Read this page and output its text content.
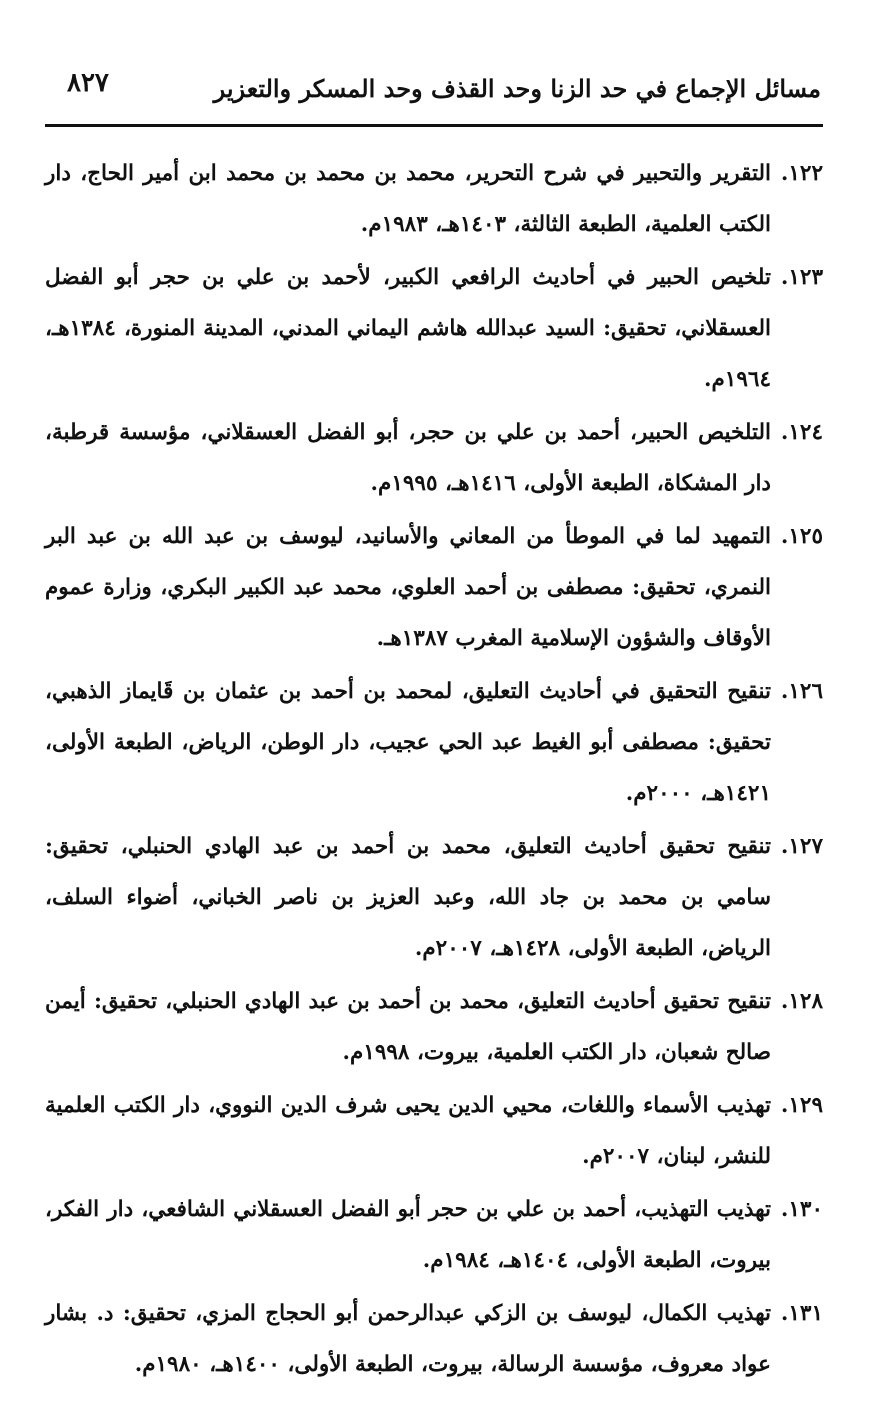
مسائل الإجماع في حد الزنا وحد القذف وحد المسكر والتعزير
٨٢٧
١٢٢.
التقرير والتحبير في شرح التحرير، محمد بن محمد بن محمد ابن أمير الحاج، دار الكتب العلمية، الطبعة الثالثة، ١٤٠٣هـ، ١٩٨٣م.
١٢٣.
تلخيص الحبير في أحاديث الرافعي الكبير، لأحمد بن علي بن حجر أبو الفضل العسقلاني، تحقيق: السيد عبدالله هاشم اليماني المدني، المدينة المنورة، ١٣٨٤هـ، ١٩٦٤م.
١٢٤.
التلخيص الحبير، أحمد بن علي بن حجر، أبو الفضل العسقلاني، مؤسسة قرطبة، دار المشكاة، الطبعة الأولى، ١٤١٦هـ، ١٩٩٥م.
١٢٥.
التمهيد لما في الموطأ من المعاني والأسانيد، ليوسف بن عبد الله بن عبد البر النمري، تحقيق: مصطفى بن أحمد العلوي، محمد عبد الكبير البكري، وزارة عموم الأوقاف والشؤون الإسلامية المغرب ١٣٨٧هـ.
١٢٦.
تنقيح التحقيق في أحاديث التعليق، لمحمد بن أحمد بن عثمان بن قَايماز الذهبي، تحقيق: مصطفى أبو الغيط عبد الحي عجيب، دار الوطن، الرياض، الطبعة الأولى، ١٤٢١هـ، ٢٠٠٠م.
١٢٧.
تنقيح تحقيق أحاديث التعليق، محمد بن أحمد بن عبد الهادي الحنبلي، تحقيق: سامي بن محمد بن جاد الله، وعبد العزيز بن ناصر الخباني، أضواء السلف، الرياض، الطبعة الأولى، ١٤٢٨هـ، ٢٠٠٧م.
١٢٨.
تنقيح تحقيق أحاديث التعليق، محمد بن أحمد بن عبد الهادي الحنبلي، تحقيق: أيمن صالح شعبان، دار الكتب العلمية، بيروت، ١٩٩٨م.
١٢٩.
تهذيب الأسماء واللغات، محيي الدين يحيى شرف الدين النووي، دار الكتب العلمية للنشر، لبنان، ٢٠٠٧م.
١٣٠.
تهذيب التهذيب، أحمد بن علي بن حجر أبو الفضل العسقلاني الشافعي، دار الفكر، بيروت، الطبعة الأولى، ١٤٠٤هـ، ١٩٨٤م.
١٣١.
تهذيب الكمال، ليوسف بن الزكي عبدالرحمن أبو الحجاج المزي، تحقيق: د. بشار عواد معروف، مؤسسة الرسالة، بيروت، الطبعة الأولى، ١٤٠٠هـ، ١٩٨٠م.
